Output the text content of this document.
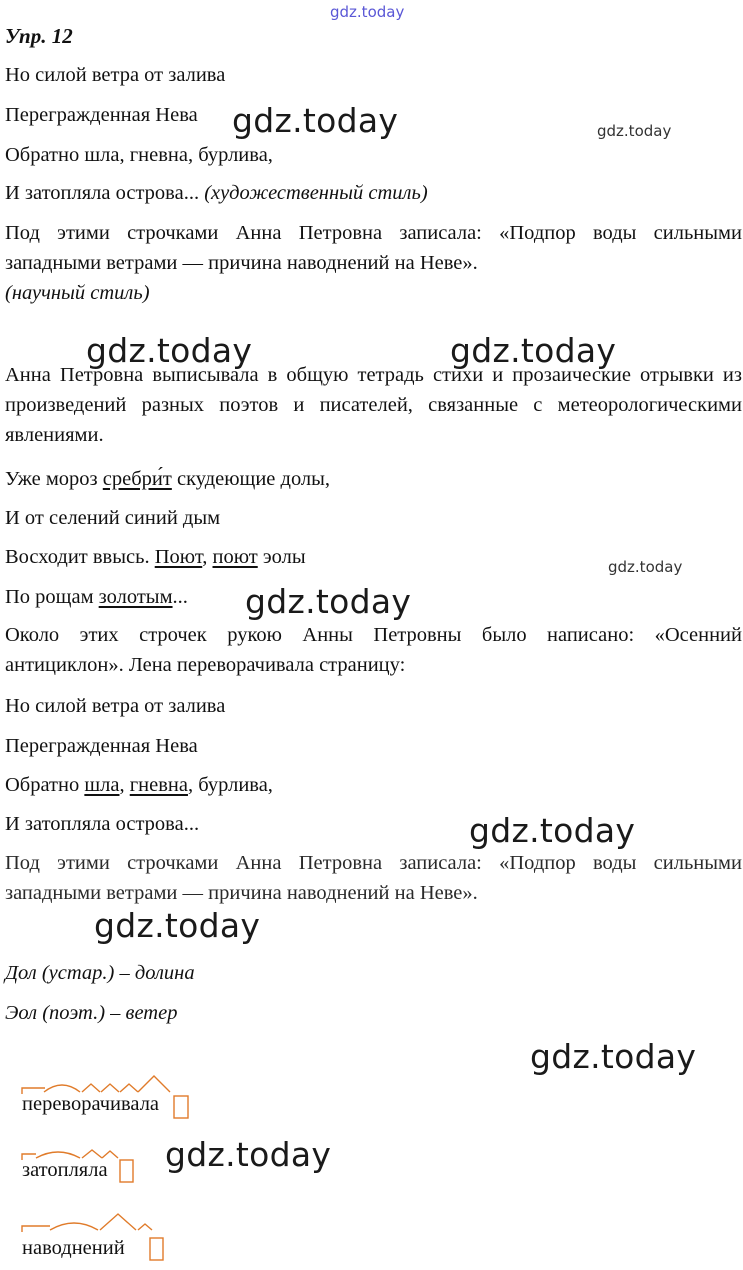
gdz.today
gdz.today	gdz.today
gdz.today	gdz.today
gdz.today
gdz.today
gdz.today
gdz.today
gdz.today
gdz.today
Упр. 12
Но силой ветра от залива
Перегражденная Нева
Обратно шла, гневна, бурлива,
И затопляла острова... (художественный стиль)
Под этими строчками Анна Петровна записала: «Подпор воды сильными западными ветрами — причина наводнений на Неве».
(научный стиль)
Анна Петровна выписывала в общую тетрадь стихи и прозаические отрывки из произведений разных поэтов и писателей, связанные с метеорологическими явлениями.
Уже мороз сребри́т скудеющие долы,
И от селений синий дым
Восходит ввысь. Поют, поют эолы
По рощам золотым...
Около этих строчек рукою Анны Петровны было написано: «Осенний антициклон». Лена переворачивала страницу:
Но силой ветра от залива
Перегражденная Нева
Обратно шла, гневна, бурлива,
И затопляла острова...
Под этими строчками Анна Петровна записала: «Подпор воды сильными западными ветрами — причина наводнений на Неве».
Дол (устар.) – долина
Эол (поэт.) – ветер
переворачивала
затопляла
наводнений
